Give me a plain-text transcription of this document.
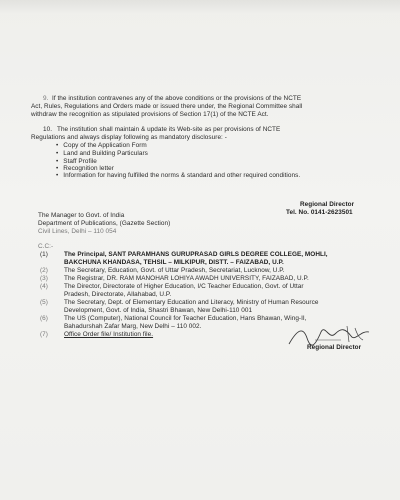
9. If the institution contravenes any of the above conditions or the provisions of the NCTE
Act, Rules, Regulations and Orders made or issued there under, the Regional Committee shall
withdraw the recognition as stipulated provisions of Section 17(1) of the NCTE Act.
10. The institution shall maintain & update its Web-site as per provisions of NCTE
Regulations and always display following as mandatory disclosure: -
• Copy of the Application Form
• Land and Building Particulars
• Staff Profile
• Recognition letter
• Information for having fulfilled the norms & standard and other required conditions.
Regional Director
Tel. No. 0141-2623501
The Manager to Govt. of India
Department of Publications, (Gazette Section)
Civil Lines, Delhi – 110 054
C.C:-
(1)	The Principal, SANT PARAMHANS GURUPRASAD GIRLS DEGREE COLLEGE, MOHLI,
BAKCHUNA KHANDASA, TEHSIL – MILKIPUR, DISTT. – FAIZABAD, U.P.
(2)	The Secretary, Education, Govt. of Uttar Pradesh, Secretariat, Lucknow, U.P.
(3)	The Registrar, DR. RAM MANOHAR LOHIYA AWADH UNIVERSITY, FAIZABAD, U.P.
(4)	The Director, Directorate of Higher Education, I/C Teacher Education, Govt. of Uttar
Pradesh, Directorate, Allahabad, U.P.
(5)	The Secretary, Dept. of Elementary Education and Literacy, Ministry of Human Resource
Development, Govt. of India, Shastri Bhawan, New Delhi-110 001
(6)	The US (Computer), National Council for Teacher Education, Hans Bhawan, Wing-II,
Bahadurshah Zafar Marg, New Delhi – 110 002.
(7)	Office Order file/ Institution file.
Regional Director
